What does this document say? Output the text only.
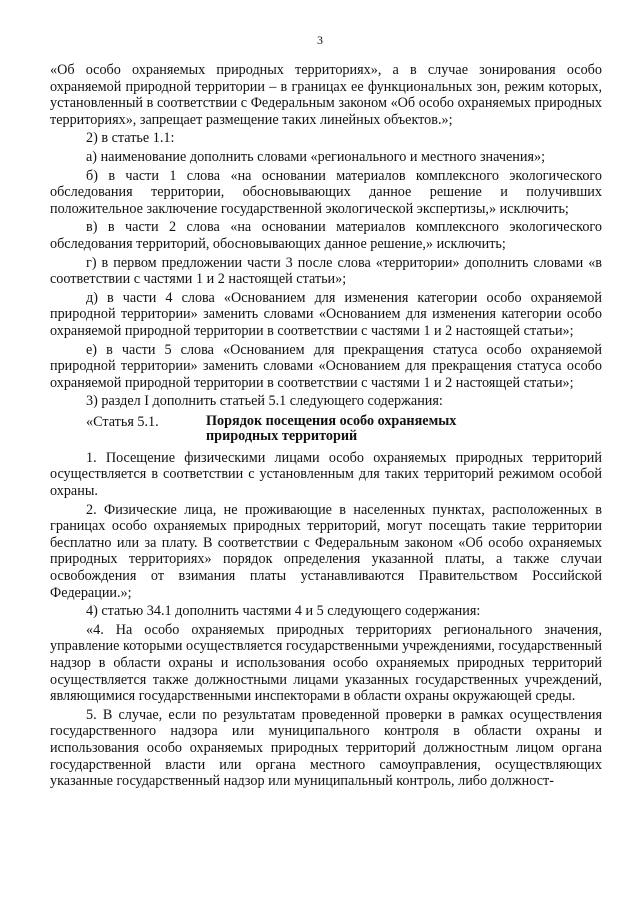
3

«Об особо охраняемых природных территориях», а в случае зонирования особо охраняемой природной территории – в границах ее функциональных зон, режим которых, установленный в соответствии с Федеральным законом «Об особо охраняемых природных территориях», запрещает размещение таких линейных объектов.»;

2) в статье 1.1:

а) наименование дополнить словами «регионального и местного значения»;

б) в части 1 слова «на основании материалов комплексного экологического обследования территории, обосновывающих данное решение и получивших положительное заключение государственной экологической экспертизы,» исключить;

в) в части 2 слова «на основании материалов комплексного экологического обследования территорий, обосновывающих данное решение,» исключить;

г) в первом предложении части 3 после слова «территории» дополнить словами «в соответствии с частями 1 и 2 настоящей статьи»;

д) в части 4 слова «Основанием для изменения категории особо охраняемой природной территории» заменить словами «Основанием для изменения категории особо охраняемой природной территории в соответствии с частями 1 и 2 настоящей статьи»;

е) в части 5 слова «Основанием для прекращения статуса особо охраняемой природной территории» заменить словами «Основанием для прекращения статуса особо охраняемой природной территории в соответствии с частями 1 и 2 настоящей статьи»;

3) раздел I дополнить статьей 5.1 следующего содержания:

«Статья 5.1.	Порядок посещения особо охраняемых природных территорий

1. Посещение физическими лицами особо охраняемых природных территорий осуществляется в соответствии с установленным для таких территорий режимом особой охраны.

2. Физические лица, не проживающие в населенных пунктах, расположенных в границах особо охраняемых природных территорий, могут посещать такие территории бесплатно или за плату. В соответствии с Федеральным законом «Об особо охраняемых природных территориях» порядок определения указанной платы, а также случаи освобождения от взимания платы устанавливаются Правительством Российской Федерации.»;

4) статью 34.1 дополнить частями 4 и 5 следующего содержания:

«4. На особо охраняемых природных территориях регионального значения, управление которыми осуществляется государственными учреждениями, государственный надзор в области охраны и использования особо охраняемых природных территорий осуществляется также должностными лицами указанных государственных учреждений, являющимися государственными инспекторами в области охраны окружающей среды.

5. В случае, если по результатам проведенной проверки в рамках осуществления государственного надзора или муниципального контроля в области охраны и использования особо охраняемых природных территорий должностным лицом органа государственной власти или органа местного самоуправления, осуществляющих указанные государственный надзор или муниципальный контроль, либо должност-
